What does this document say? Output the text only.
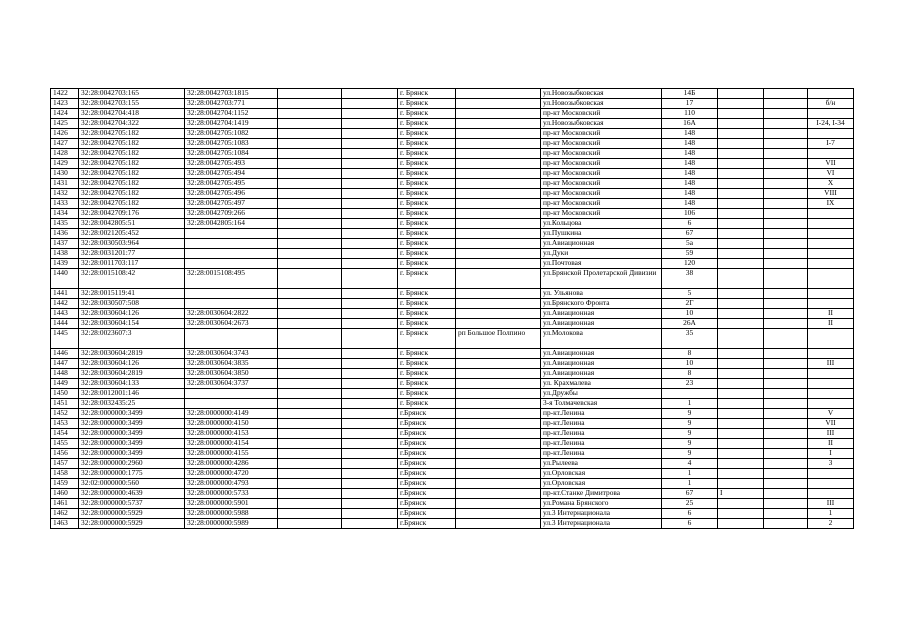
1422	32:28:0042703:165	32:28:0042703:1815			г. Брянск		ул.Новозыбковская	14Б			
1423	32:28:0042703:155	32:28:0042703:771			г. Брянск		ул.Новозыбковская	17			б/н
1424	32:28:0042704:418	32:28:0042704:1152			г. Брянск		пр-кт Московский	110			
1425	32:28:0042704:322	32:28:0042704:1419			г. Брянск		ул.Новозыбковская	16А			I-24, I-34
1426	32:28:0042705:182	32:28:0042705:1082			г. Брянск		пр-кт Московский	148			
1427	32:28:0042705:182	32:28:0042705:1083			г. Брянск		пр-кт Московский	148			I-7
1428	32:28:0042705:182	32:28:0042705:1084			г. Брянск		пр-кт Московский	148			
1429	32:28:0042705:182	32:28:0042705:493			г. Брянск		пр-кт Московский	148			VII
1430	32:28:0042705:182	32:28:0042705:494			г. Брянск		пр-кт Московский	148			VI
1431	32:28:0042705:182	32:28:0042705:495			г. Брянск		пр-кт Московский	148			X
1432	32:28:0042705:182	32:28:0042705:496			г. Брянск		пр-кт Московский	148			VIII
1433	32:28:0042705:182	32:28:0042705:497			г. Брянск		пр-кт Московский	148			IX
1434	32:28:0042709:176	32:28:0042709:266			г. Брянск		пр-кт Московский	106			
1435	32:28:0042805:51	32:28:0042805:164			г. Брянск		ул.Кольцова	6			
1436	32:28:0021205:452				г. Брянск		ул.Пушкина	67			
1437	32:28:0030503:964				г. Брянск		ул.Авиационная	5а			
1438	32:28:0031201:77				г. Брянск		ул.Дуки	59			
1439	32:28:0011703:117				г. Брянск		ул.Почтовая	120			
1440	32:28:0015108:42	32:28:0015108:495			г. Брянск		ул.Брянской Пролетарской Дивизии	38			
1441	32:28:0015119:41				г. Брянск		ул. Ульянова	5			
1442	32:28:0030507:508				г. Брянск		ул.Брянского Фронта	2Г			
1443	32:28:0030604:126	32:28:0030604:2822			г. Брянск		ул.Авиационная	10			II
1444	32:28:0030604:154	32:28:0030604:2673			г. Брянск		ул.Авиационная	26А			II
1445	32:28:0023607:3				г. Брянск	рп Большое Полпино	ул.Молокова	35			
1446	32:28:0030604:2819	32:28:0030604:3743			г. Брянск		ул.Авиационная	8			
1447	32:28:0030604:126	32:28:0030604:3835			г. Брянск		ул.Авиационная	10			III
1448	32:28:0030604:2819	32:28:0030604:3850			г. Брянск		ул.Авиационная	8			
1449	32:28:0030604:133	32:28:0030604:3737			г. Брянск		ул. Крахмалева	23			
1450	32:28:0012001:146				г. Брянск		ул.Дружбы				
1451	32:28:0032435:25				г. Брянск		3-я Толмачевская	1			
1452	32:28:0000000:3499	32:28:0000000:4149			г.Брянск		пр-кт.Ленина	9			V
1453	32:28:0000000:3499	32:28:0000000:4150			г.Брянск		пр-кт.Ленина	9			VII
1454	32:28:0000000:3499	32:28:0000000:4153			г.Брянск		пр-кт.Ленина	9			III
1455	32:28:0000000:3499	32:28:0000000:4154			г.Брянск		пр-кт.Ленина	9			II
1456	32:28:0000000:3499	32:28:0000000:4155			г.Брянск		пр-кт.Ленина	9			I
1457	32:28:0000000:2960	32:28:0000000:4286			г.Брянск		ул.Рылеева	4			3
1458	32:28:0000000:1775	32:28:0000000:4720			г.Брянск		ул.Орловская	1			
1459	32:02:0000000:560	32:28:0000000:4793			г.Брянск		ул.Орловская	1			
1460	32:28:0000000:4639	32:28:0000000:5733			г.Брянск		пр-кт.Станке Димитрова	67	I		
1461	32:28:0000000:5737	32:28:0000000:5901			г.Брянск		ул.Романа Брянского	25			III
1462	32:28:0000000:5929	32:28:0000000:5988			г.Брянск		ул.3 Интернационала	6			1
1463	32:28:0000000:5929	32:28:0000000:5989			г.Брянск		ул.3 Интернационала	6			2
